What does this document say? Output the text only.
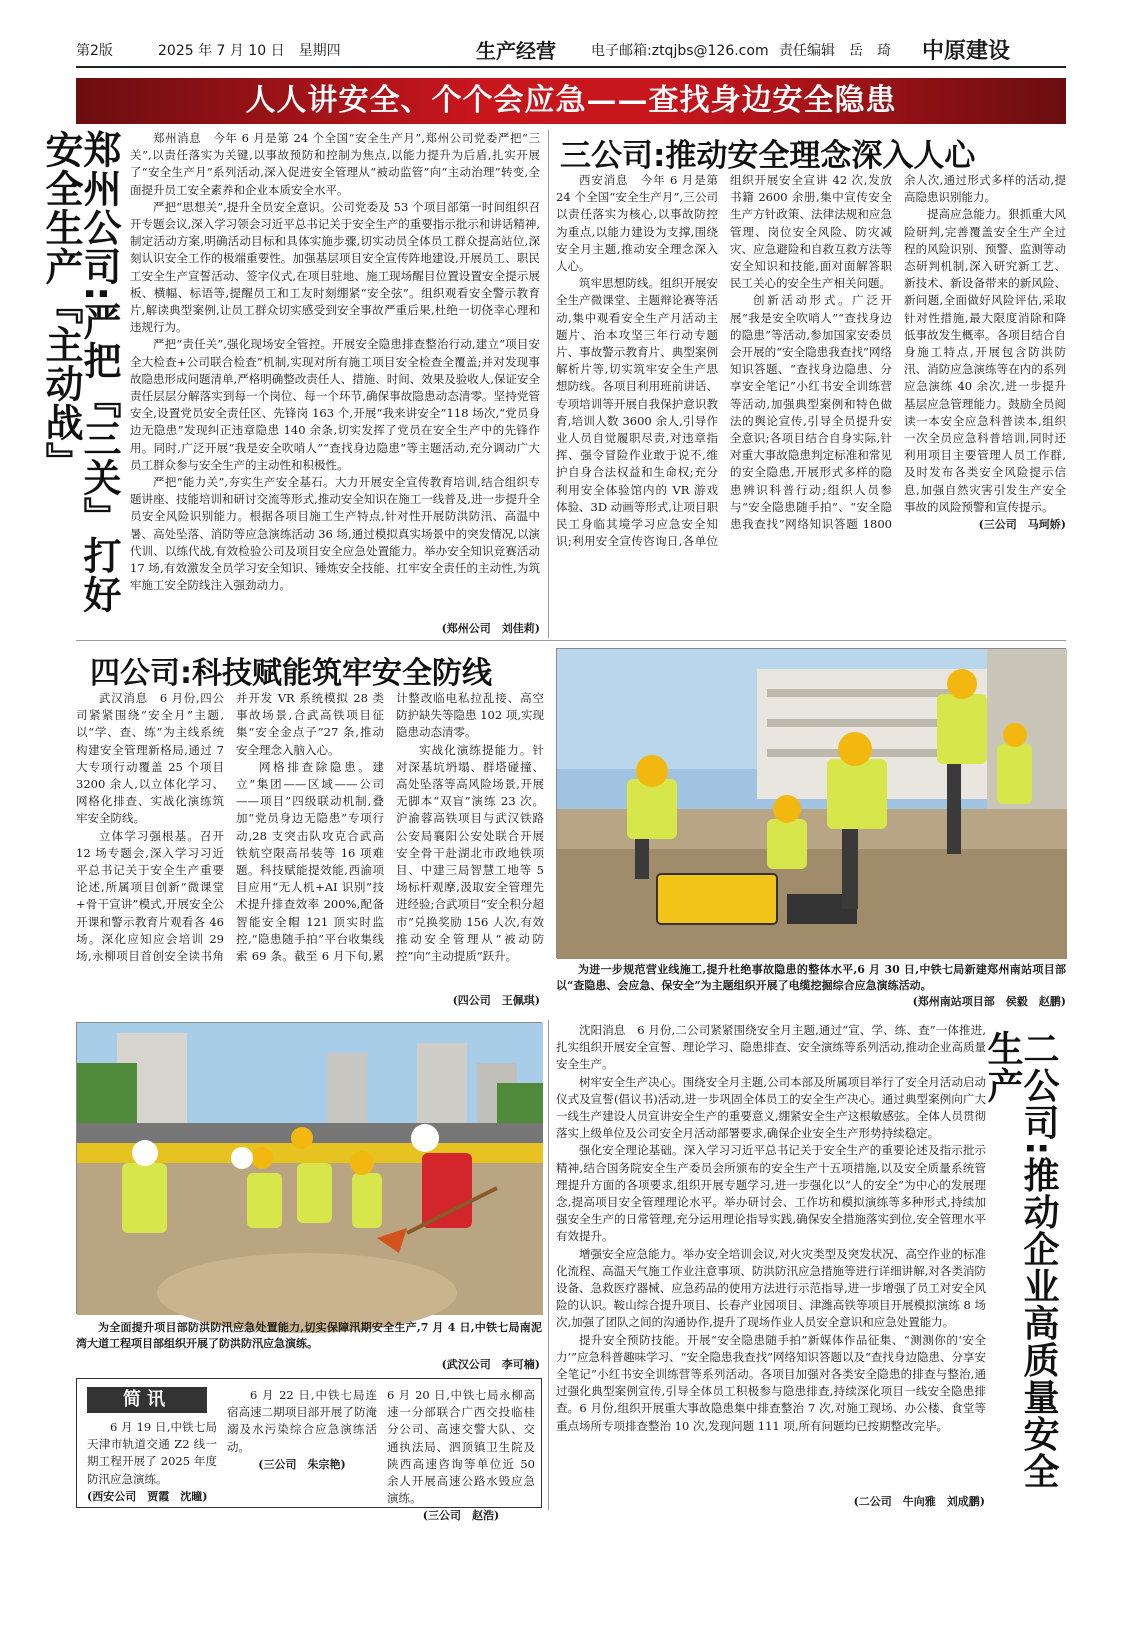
第2版	2025 年 7 月 10 日　星期四	生产经营	电子邮箱:ztqjbs@126.com 责任编辑　岳　琦 中原建设
人人讲安全、个个会应急——查找身边安全隐患
郑州公司:严把『三关』打好安全生产『主动战』	郑州消息　今年 6 月是第 24 个全国“安全生产月”,郑州公司党委严把“三关”,以责任落实为关键,以事故预防和控制为焦点,以能力提升为后盾,扎实开展了“安全生产月”系列活动,深入促进安全管理从“被动监管”向“主动治理”转变,全面提升员工安全素养和企业本质安全水平。

严把“思想关”,提升全员安全意识。公司党委及 53 个项目部第一时间组织召开专题会议,深入学习领会习近平总书记关于安全生产的重要指示批示和讲话精神,制定活动方案,明确活动目标和具体实施步骤,切实动员全体员工群众提高站位,深刻认识安全工作的极端重要性。加强基层项目安全宣传阵地建设,开展员工、职民工安全生产宣誓活动、签字仪式,在项目驻地、施工现场醒目位置设置安全提示展板、横幅、标语等,提醒员工和工友时刻绷紧“安全弦”。组织观看安全警示教育片,解读典型案例,让员工群众切实感受到安全事故严重后果,杜绝一切侥幸心理和违规行为。

严把“责任关”,强化现场安全管控。开展安全隐患排查整治行动,建立“项目安全大检查+公司联合检查”机制,实现对所有施工项目安全检查全覆盖;并对发现事故隐患形成问题清单,严格明确整改责任人、措施、时间、效果及验收人,保证安全责任层层分解落实到每一个岗位、每一个环节,确保事故隐患动态清零。坚持党管安全,设置党员安全责任区、先锋岗 163 个,开展“我来讲安全”118 场次,“党员身边无隐患”发现纠正违章隐患 140 余条,切实发挥了党员在安全生产中的先锋作用。同时,广泛开展“我是安全吹哨人”“查找身边隐患”等主题活动,充分调动广大员工群众参与安全生产的主动性和积极性。

严把“能力关”,夯实生产安全基石。大力开展安全宣传教育培训,结合组织专题讲座、技能培训和研讨交流等形式,推动安全知识在施工一线普及,进一步提升全员安全风险识别能力。根据各项目施工生产特点,针对性开展防洪防汛、高温中暑、高处坠落、消防等应急演练活动 36 场,通过模拟真实场景中的突发情况,以演代训、以练代战,有效检验公司及项目安全应急处置能力。举办安全知识竞赛活动 17 场,有效激发全员学习安全知识、锤炼安全技能、扛牢安全责任的主动性,为筑牢施工安全防线注入强劲动力。

(郑州公司　刘佳莉)
三公司:推动安全理念深入人心

西安消息　今年 6 月是第 24 个全国“安全生产月”,三公司以责任落实为核心,以事故防控为重点,以能力建设为支撑,围绕安全月主题,推动安全理念深入人心。

筑牢思想防线。组织开展安全生产微课堂、主题辩论赛等活动,集中观看安全生产月活动主题片、治本攻坚三年行动专题片、事故警示教育片、典型案例解析片等,切实筑牢安全生产思想防线。各项目利用班前讲话、专项培训等开展自我保护意识教育,培训人数 3600 余人,引导作业人员自觉履职尽责,对违章指挥、强令冒险作业敢于说不,维护自身合法权益和生命权;充分利用安全体验馆内的 VR 游戏体验、3D 动画等形式,让项目职民工身临其境学习应急安全知识;利用安全宣传咨询日,各单位组织开展安全宣讲 42 次,发放书籍 2600 余册,集中宣传安全生产方针政策、法律法规和应急管理、岗位安全风险、防灾减灾、应急避险和自救互救方法等安全知识和技能,面对面解答职民工关心的安全生产相关问题。

创新活动形式。广泛开展“我是安全吹哨人”“查找身边的隐患”等活动,参加国家安委员会开展的“安全隐患我查找”网络知识答题、“查找身边隐患、分享安全笔记”小红书安全训练营等活动,加强典型案例和特色做法的舆论宣传,引导全员提升安全意识;各项目结合自身实际,针对重大事故隐患判定标准和常见的安全隐患,开展形式多样的隐患辨识科普行动;组织人员参与“安全隐患随手拍”、“安全隐患我查找”网络知识答题 1800 余人次,通过形式多样的活动,提高隐患识别能力。

提高应急能力。狠抓重大风险研判,完善覆盖安全生产全过程的风险识别、预警、监测等动态研判机制,深入研究新工艺、新技术、新设备带来的新风险、新问题,全面做好风险评估,采取针对性措施,最大限度消除和降低事故发生概率。各项目结合自身施工特点,开展包含防洪防汛、消防应急演练等在内的系列应急演练 40 余次,进一步提升基层应急管理能力。鼓励全员阅读一本安全应急科普读本,组织一次全员应急科普培训,同时还利用项目主要管理人员工作群,及时发布各类安全风险提示信息,加强自然灾害引发生产安全事故的风险预警和宣传提示。

(三公司　马珂娇)
四公司:科技赋能筑牢安全防线

武汉消息　6 月份,四公司紧紧围绕“安全月”主题,以“学、查、练”为主线系统构建安全管理新格局,通过 7 大专项行动覆盖 25 个项目 3200 余人,以立体化学习、网格化排查、实战化演练筑牢安全防线。

立体学习强根基。召开 12 场专题会,深入学习习近平总书记关于安全生产重要论述,所属项目创新“微课堂+骨干宣讲”模式,开展安全公开课和警示教育片观看各 46 场。深化应知应会培训 29 场,永柳项目首创安全读书角并开发 VR 系统模拟 28 类事故场景,合武高铁项目征集“安全金点子”27 条,推动安全理念入脑入心。

网格排查除隐患。建立“集团——区域——公司——项目”四级联动机制,叠加“党员身边无隐患”专项行动,28 支突击队攻克合武高铁航空限高吊装等 16 项难题。科技赋能提效能,西渝项目应用“无人机+AI 识别”技术提升排查效率 200%,配备智能安全帽 121 顶实时监控,“隐患随手拍”平台收集线索 69 条。截至 6 月下旬,累计整改临电私拉乱接、高空防护缺失等隐患 102 项,实现隐患动态清零。

实战化演练提能力。针对深基坑坍塌、群塔碰撞、高处坠落等高风险场景,开展无脚本“双盲”演练 23 次。沪渝蓉高铁项目与武汉铁路公安局襄阳公安处联合开展安全骨干赴湖北市政地铁项目、中建三局智慧工地等 5 场标杆观摩,汲取安全管理先进经验;合武项目“安全积分超市”兑换奖励 156 人次,有效推动安全管理从“被动防控”向“主动提质”跃升。

(四公司　王佩琪)
为进一步规范营业线施工,提升杜绝事故隐患的整体水平,6 月 30 日,中铁七局新建郑州南站项目部以“查隐患、会应急、保安全”为主题组织开展了电缆挖掘综合应急演练活动。
(郑州南站项目部　侯毅　赵鹏)
为全面提升项目部防洪防汛应急处置能力,切实保障汛期安全生产,7 月 4 日,中铁七局南泥湾大道工程项目部组织开展了防洪防汛应急演练。
(武汉公司　李可楠)
简讯
6 月 19 日,中铁七局天津市轨道交通 Z2 线一期工程开展了 2025 年度防汛应急演练。
(西安公司　贾霞　沈曈)
6 月 22 日,中铁七局连宿高速二期项目部开展了防淹溺及水污染综合应急演练活动。
(三公司　朱宗艳)
6 月 20 日,中铁七局永柳高速一分部联合广西交投临桂分公司、高速交警大队、交通执法局、泗顶镇卫生院及陕西高速咨询等单位近 50 余人开展高速公路水毁应急演练。
(三公司　赵浩)

沈阳消息　6 月份,二公司紧紧围绕安全月主题,通过“宣、学、练、查”一体推进,扎实组织开展安全宣誓、理论学习、隐患排查、安全演练等系列活动,推动企业高质量安全生产。

树牢安全生产决心。围绕安全月主题,公司本部及所属项目举行了安全月活动启动仪式及宣誓(倡议书)活动,进一步巩固全体员工的安全生产决心。通过典型案例向广大一线生产建设人员宣讲安全生产的重要意义,绷紧安全生产这根敏感弦。全体人员贯彻落实上级单位及公司安全月活动部署要求,确保企业安全生产形势持续稳定。

强化安全理论基础。深入学习习近平总书记关于安全生产的重要论述及指示批示精神,结合国务院安全生产委员会所颁布的安全生产十五项措施,以及安全质量系统管理提升方面的各项要求,组织开展专题学习,进一步强化以“人的安全”为中心的发展理念,提高项目安全管理理论水平。举办研讨会、工作坊和模拟演练等多种形式,持续加强安全生产的日常管理,充分运用理论指导实践,确保安全措施落实到位,安全管理水平有效提升。

增强安全应急能力。举办安全培训会议,对火灾类型及突发状况、高空作业的标准化流程、高温天气施工作业注意事项、防洪防汛应急措施等进行详细讲解,对各类消防设备、急救医疗器械、应急药品的使用方法进行示范指导,进一步增强了员工对安全风险的认识。鞍山综合提升项目、长春产业园项目、津潍高铁等项目开展模拟演练 8 场次,加强了团队之间的沟通协作,提升了现场作业人员安全意识和应急处置能力。

提升安全预防技能。开展“安全隐患随手拍”新媒体作品征集、“测测你的‘安全力’”应急科普趣味学习、“安全隐患我查找”网络知识答题以及“查找身边隐患、分享安全笔记”小红书安全训练营等系列活动。各项目加强对各类安全隐患的排查与整治,通过强化典型案例宣传,引导全体员工积极参与隐患排查,持续深化项目一线安全隐患排查。6 月份,组织开展重大事故隐患集中排查整治 7 次,对施工现场、办公楼、食堂等重点场所专项排查整治 10 次,发现问题 111 项,所有问题均已按期整改完毕。

(二公司　牛向雅　刘成鹏)
二公司:推动企业高质量安全生产
